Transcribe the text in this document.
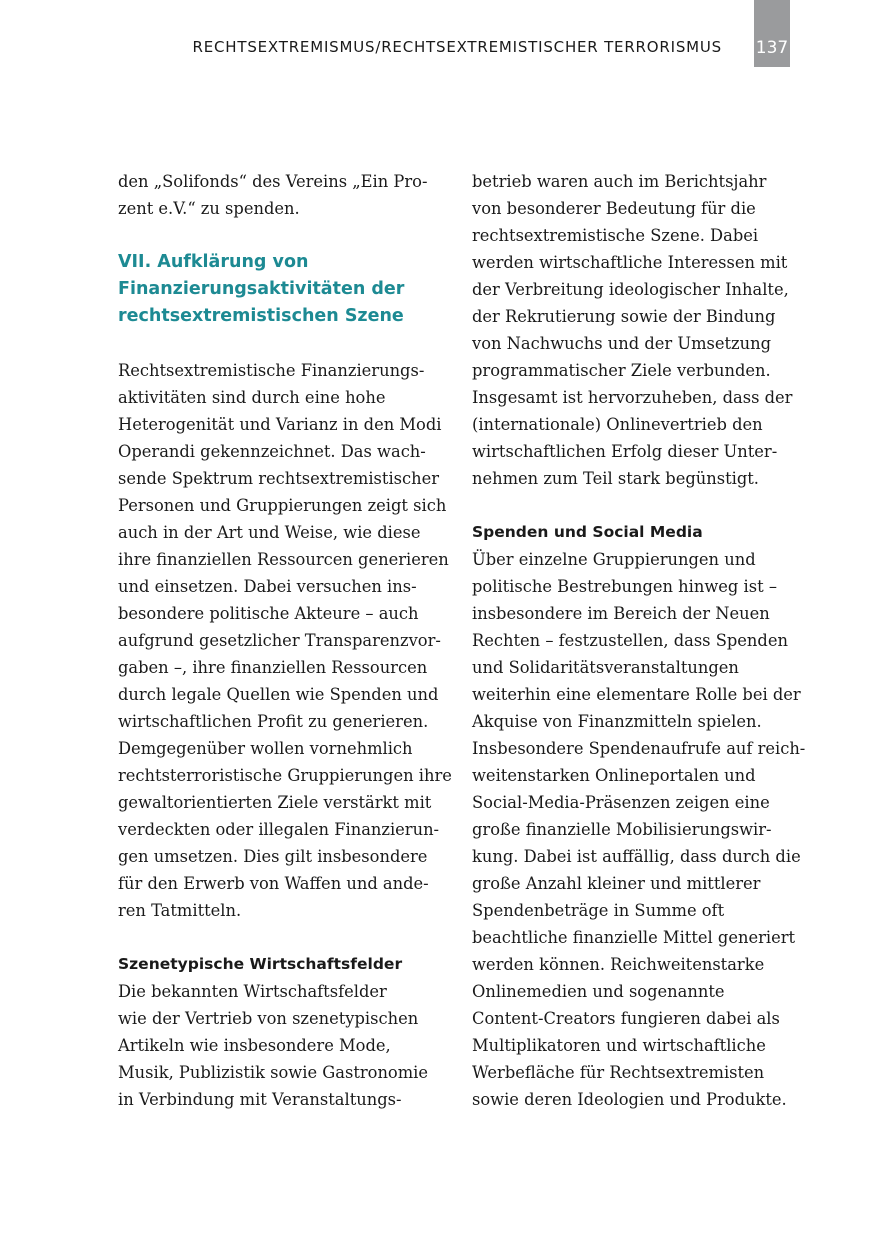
RECHTSEXTREMISMUS/RECHTSEXTREMISTISCHER TERRORISMUS 137
den „Solifonds“ des Vereins „Ein Pro-
zent e.V.“ zu spenden.
VII. Aufklärung von
Finanzierungsaktivitäten der
rechtsextremistischen Szene
Rechtsextremistische Finanzierungs-
aktivitäten sind durch eine hohe
Heterogenität und Varianz in den Modi
Operandi gekennzeichnet. Das wach-
sende Spektrum rechtsextremistischer
Personen und Gruppierungen zeigt sich
auch in der Art und Weise, wie diese
ihre finanziellen Ressourcen generieren
und einsetzen. Dabei versuchen ins-
besondere politische Akteure – auch
aufgrund gesetzlicher Transparenzvor-
gaben –, ihre finanziellen Ressourcen
durch legale Quellen wie Spenden und
wirtschaftlichen Profit zu generieren.
Demgegenüber wollen vornehmlich
rechtsterroristische Gruppierungen ihre
gewaltorientierten Ziele verstärkt mit
verdeckten oder illegalen Finanzierun-
gen umsetzen. Dies gilt insbesondere
für den Erwerb von Waffen und ande-
ren Tatmitteln.
Szenetypische Wirtschaftsfelder
Die bekannten Wirtschaftsfelder
wie der Vertrieb von szenetypischen
Artikeln wie insbesondere Mode,
Musik, Publizistik sowie Gastronomie
in Verbindung mit Veranstaltungs-
betrieb waren auch im Berichtsjahr
von besonderer Bedeutung für die
rechtsextremistische Szene. Dabei
werden wirtschaftliche Interessen mit
der Verbreitung ideologischer Inhalte,
der Rekrutierung sowie der Bindung
von Nachwuchs und der Umsetzung
programmatischer Ziele verbunden.
Insgesamt ist hervorzuheben, dass der
(internationale) Onlinevertrieb den
wirtschaftlichen Erfolg dieser Unter-
nehmen zum Teil stark begünstigt.
Spenden und Social Media
Über einzelne Gruppierungen und
politische Bestrebungen hinweg ist –
insbesondere im Bereich der Neuen
Rechten – festzustellen, dass Spenden
und Solidaritätsveranstaltungen
weiterhin eine elementare Rolle bei der
Akquise von Finanzmitteln spielen.
Insbesondere Spendenaufrufe auf reich-
weitenstarken Onlineportalen und
Social-Media-Präsenzen zeigen eine
große finanzielle Mobilisierungswir-
kung. Dabei ist auffällig, dass durch die
große Anzahl kleiner und mittlerer
Spendenbeträge in Summe oft
beachtliche finanzielle Mittel generiert
werden können. Reichweitenstarke
Onlinemedien und sogenannte
Content-Creators fungieren dabei als
Multiplikatoren und wirtschaftliche
Werbefläche für Rechtsextremisten
sowie deren Ideologien und Produkte.
